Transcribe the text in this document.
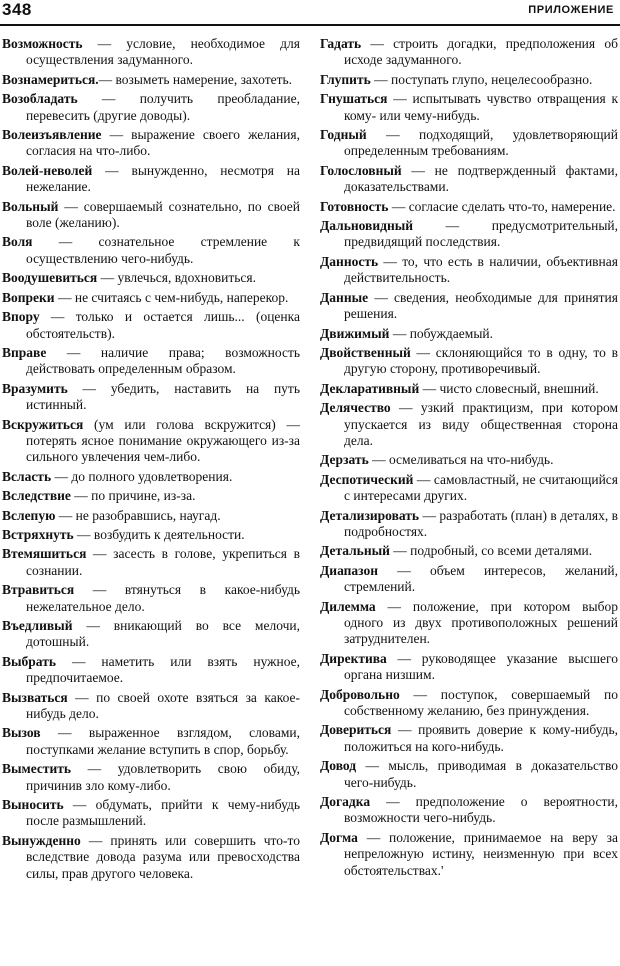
348	ПРИЛОЖЕНИЕ

Возможность — условие, необходимое для осуществления задуманного.

Вознамериться.— возыметь намерение, захотеть.

Возобладать — получить преобладание, перевесить (другие доводы).

Волеизъявление — выражение своего желания, согласия на что-либо.

Волей-неволей — вынужденно, несмотря на нежелание.

Вольный — совершаемый сознательно, по своей воле (желанию).

Воля — сознательное стремление к осуществлению чего-нибудь.

Воодушевиться — увлечься, вдохновиться.

Вопреки — не считаясь с чем-нибудь, наперекор.

Впору — только и остается лишь... (оценка обстоятельств).

Вправе — наличие права; возможность действовать определенным образом.

Вразумить — убедить, наставить на путь истинный.

Вскружиться (ум или голова вскружится) — потерять ясное понимание окружающего из-за сильного увлечения чем-либо.

Всласть — до полного удовлетворения.

Вследствие — по причине, из-за.

Вслепую — не разобравшись, наугад.

Встряхнуть — возбудить к деятельности.

Втемяшиться — засесть в голове, укрепиться в сознании.

Втравиться — втянуться в какое-нибудь нежелательное дело.

Въедливый — вникающий во все мелочи, дотошный.

Выбрать — наметить или взять нужное, предпочитаемое.

Вызваться — по своей охоте взяться за какое-нибудь дело.

Вызов — выраженное взглядом, словами, поступками желание вступить в спор, борьбу.

Выместить — удовлетворить свою обиду, причинив зло кому-либо.

Выносить — обдумать, прийти к чему-нибудь после размышлений.

Вынужденно — принять или совершить что-то вследствие довода разума или превосходства силы, прав другого человека.

Гадать — строить догадки, предположения об исходе задуманного.

Глупить — поступать глупо, нецелесообразно.

Гнушаться — испытывать чувство отвращения к кому- или чему-нибудь.

Годный — подходящий, удовлетворяющий определенным требованиям.

Голословный — не подтвержденный фактами, доказательствами.

Готовность — согласие сделать что-то, намерение.

Дальновидный — предусмотрительный, предвидящий последствия.

Данность — то, что есть в наличии, объективная действительность.

Данные — сведения, необходимые для принятия решения.

Движимый — побуждаемый.

Двойственный — склоняющийся то в одну, то в другую сторону, противоречивый.

Декларативный — чисто словесный, внешний.

Делячество — узкий практицизм, при котором упускается из виду общественная сторона дела.

Дерзать — осмеливаться на что-нибудь.

Деспотический — самовластный, не считающийся с интересами других.

Детализировать — разработать (план) в деталях, в подробностях.

Детальный — подробный, со всеми деталями.

Диапазон — объем интересов, желаний, стремлений.

Дилемма — положение, при котором выбор одного из двух противоположных решений затруднителен.

Директива — руководящее указание высшего органа низшим.

Добровольно — поступок, совершаемый по собственному желанию, без принуждения.

Довериться — проявить доверие к кому-нибудь, положиться на кого-нибудь.

Довод — мысль, приводимая в доказательство чего-нибудь.

Догадка — предположение о вероятности, возможности чего-нибудь.

Догма — положение, принимаемое на веру за непреложную истину, неизменную при всех обстоятельствах.'
